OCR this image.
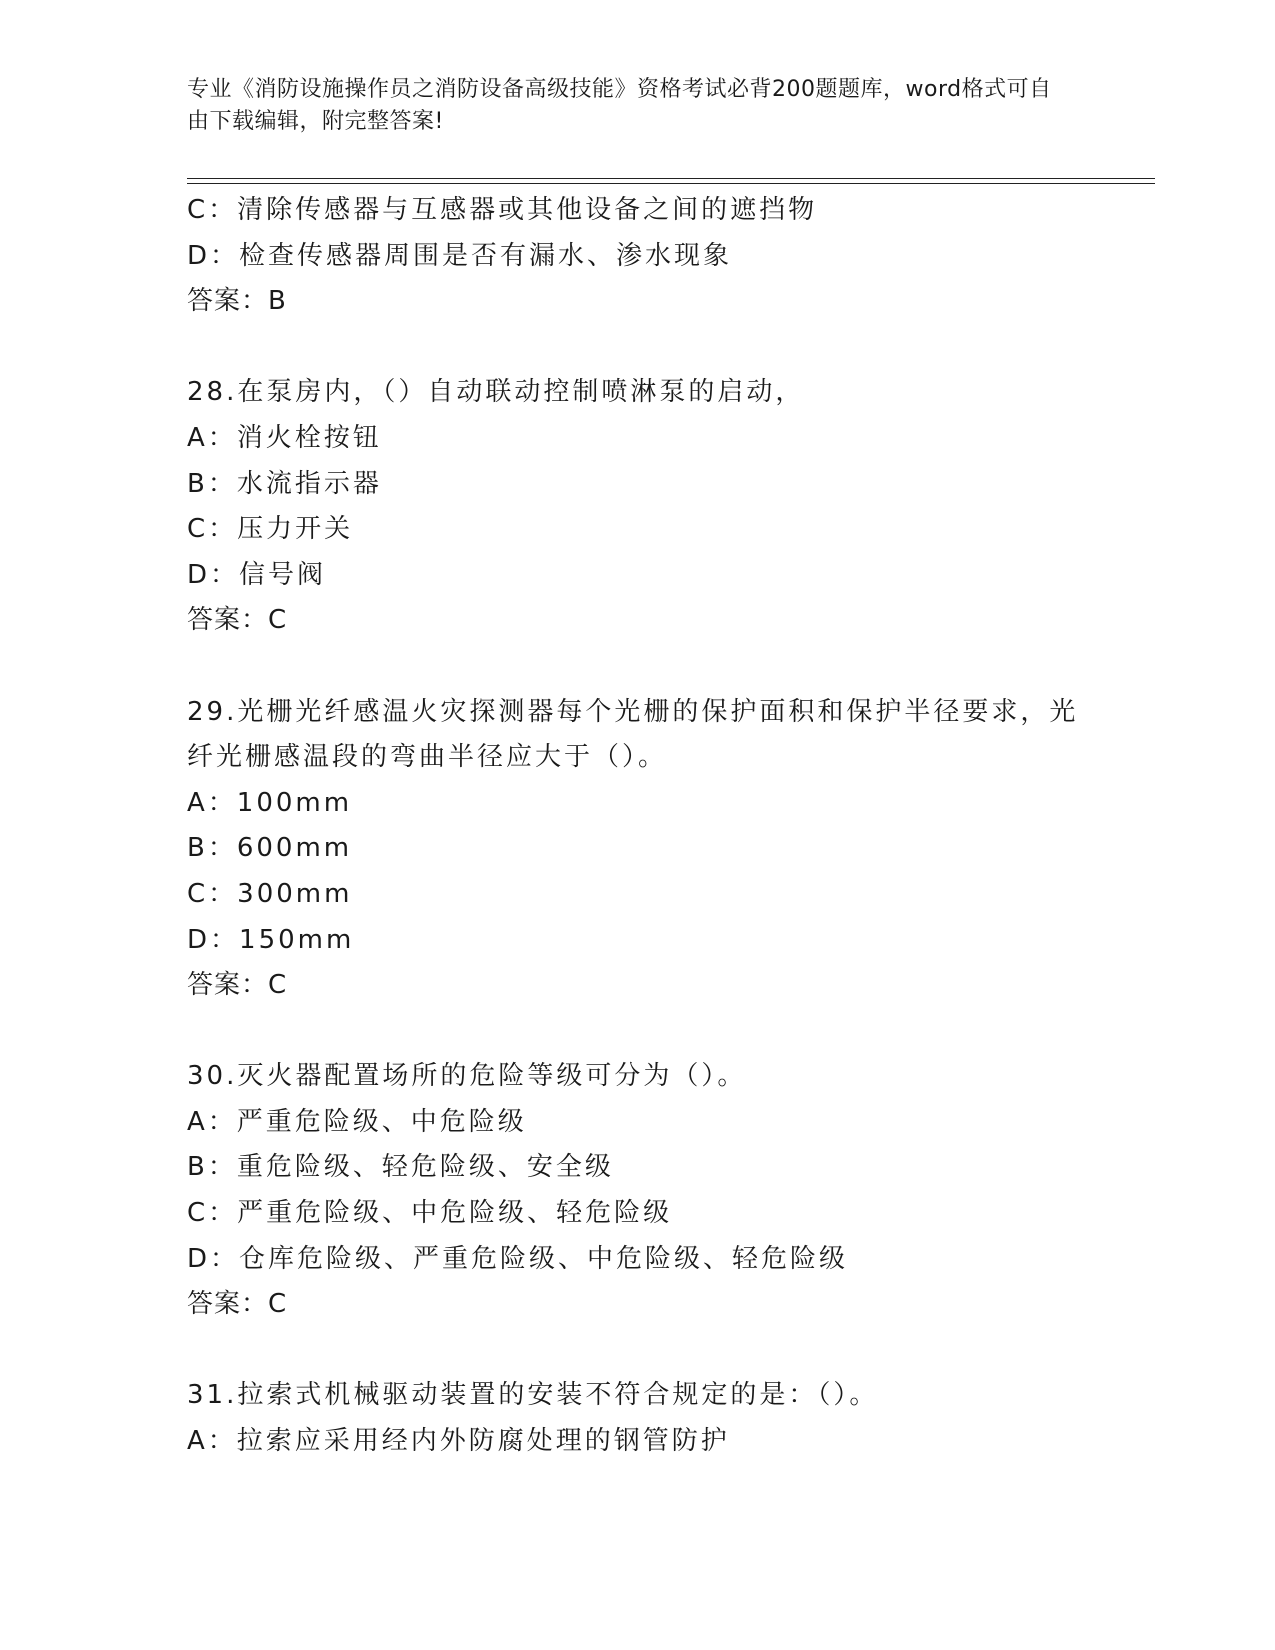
专业《消防设施操作员之消防设备高级技能》资格考试必背200题题库，word格式可自由下载编辑，附完整答案!
C：清除传感器与互感器或其他设备之间的遮挡物
D：检查传感器周围是否有漏水、渗水现象
答案：B
28.在泵房内，（）自动联动控制喷淋泵的启动，
A：消火栓按钮
B：水流指示器
C：压力开关
D：信号阀
答案：C
29.光栅光纤感温火灾探测器每个光栅的保护面积和保护半径要求，光纤光栅感温段的弯曲半径应大于（）。
A：100mm
B：600mm
C：300mm
D：150mm
答案：C
30.灭火器配置场所的危险等级可分为（）。
A：严重危险级、中危险级
B：重危险级、轻危险级、安全级
C：严重危险级、中危险级、轻危险级
D：仓库危险级、严重危险级、中危险级、轻危险级
答案：C
31.拉索式机械驱动装置的安装不符合规定的是：（）。
A：拉索应采用经内外防腐处理的钢管防护
